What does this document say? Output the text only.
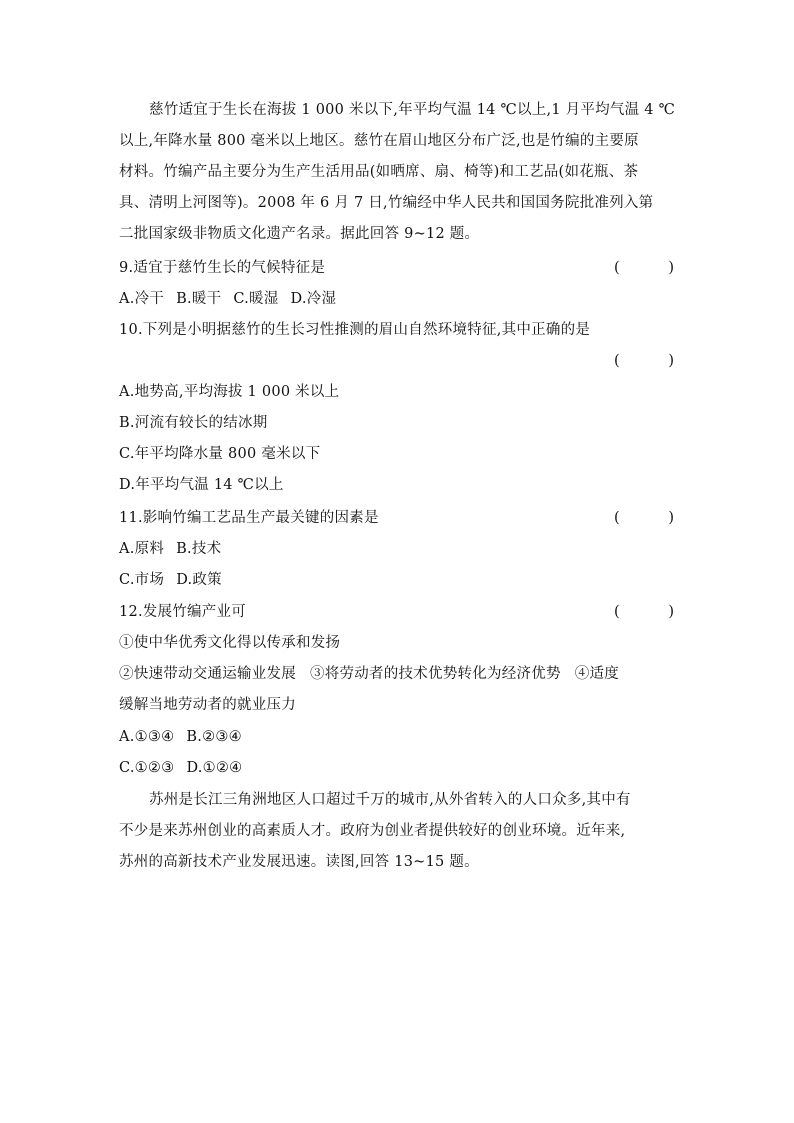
慈竹适宜于生长在海拔 1 000 米以下,年平均气温 14 ℃以上,1 月平均气温 4 ℃
以上,年降水量 800 毫米以上地区。慈竹在眉山地区分布广泛,也是竹编的主要原
材料。竹编产品主要分为生产生活用品(如晒席、扇、椅等)和工艺品(如花瓶、茶
具、清明上河图等)。2008 年 6 月 7 日,竹编经中华人民共和国国务院批准列入第
二批国家级非物质文化遗产名录。据此回答 9~12 题。
9.适宜于慈竹生长的气候特征是	(　　)
A.冷干 B.暖干 C.暖湿 D.冷湿
10.下列是小明据慈竹的生长习性推测的眉山自然环境特征,其中正确的是
(　　)
A.地势高,平均海拔 1 000 米以上
B.河流有较长的结冰期
C.年平均降水量 800 毫米以下
D.年平均气温 14 ℃以上
11.影响竹编工艺品生产最关键的因素是	(　　)
A.原料 B.技术
C.市场 D.政策
12.发展竹编产业可	(　　)
①使中华优秀文化得以传承和发扬
②快速带动交通运输业发展 ③将劳动者的技术优势转化为经济优势 ④适度
缓解当地劳动者的就业压力
A.①③④ B.②③④
C.①②③ D.①②④
苏州是长江三角洲地区人口超过千万的城市,从外省转入的人口众多,其中有
不少是来苏州创业的高素质人才。政府为创业者提供较好的创业环境。近年来,
苏州的高新技术产业发展迅速。读图,回答 13~15 题。
